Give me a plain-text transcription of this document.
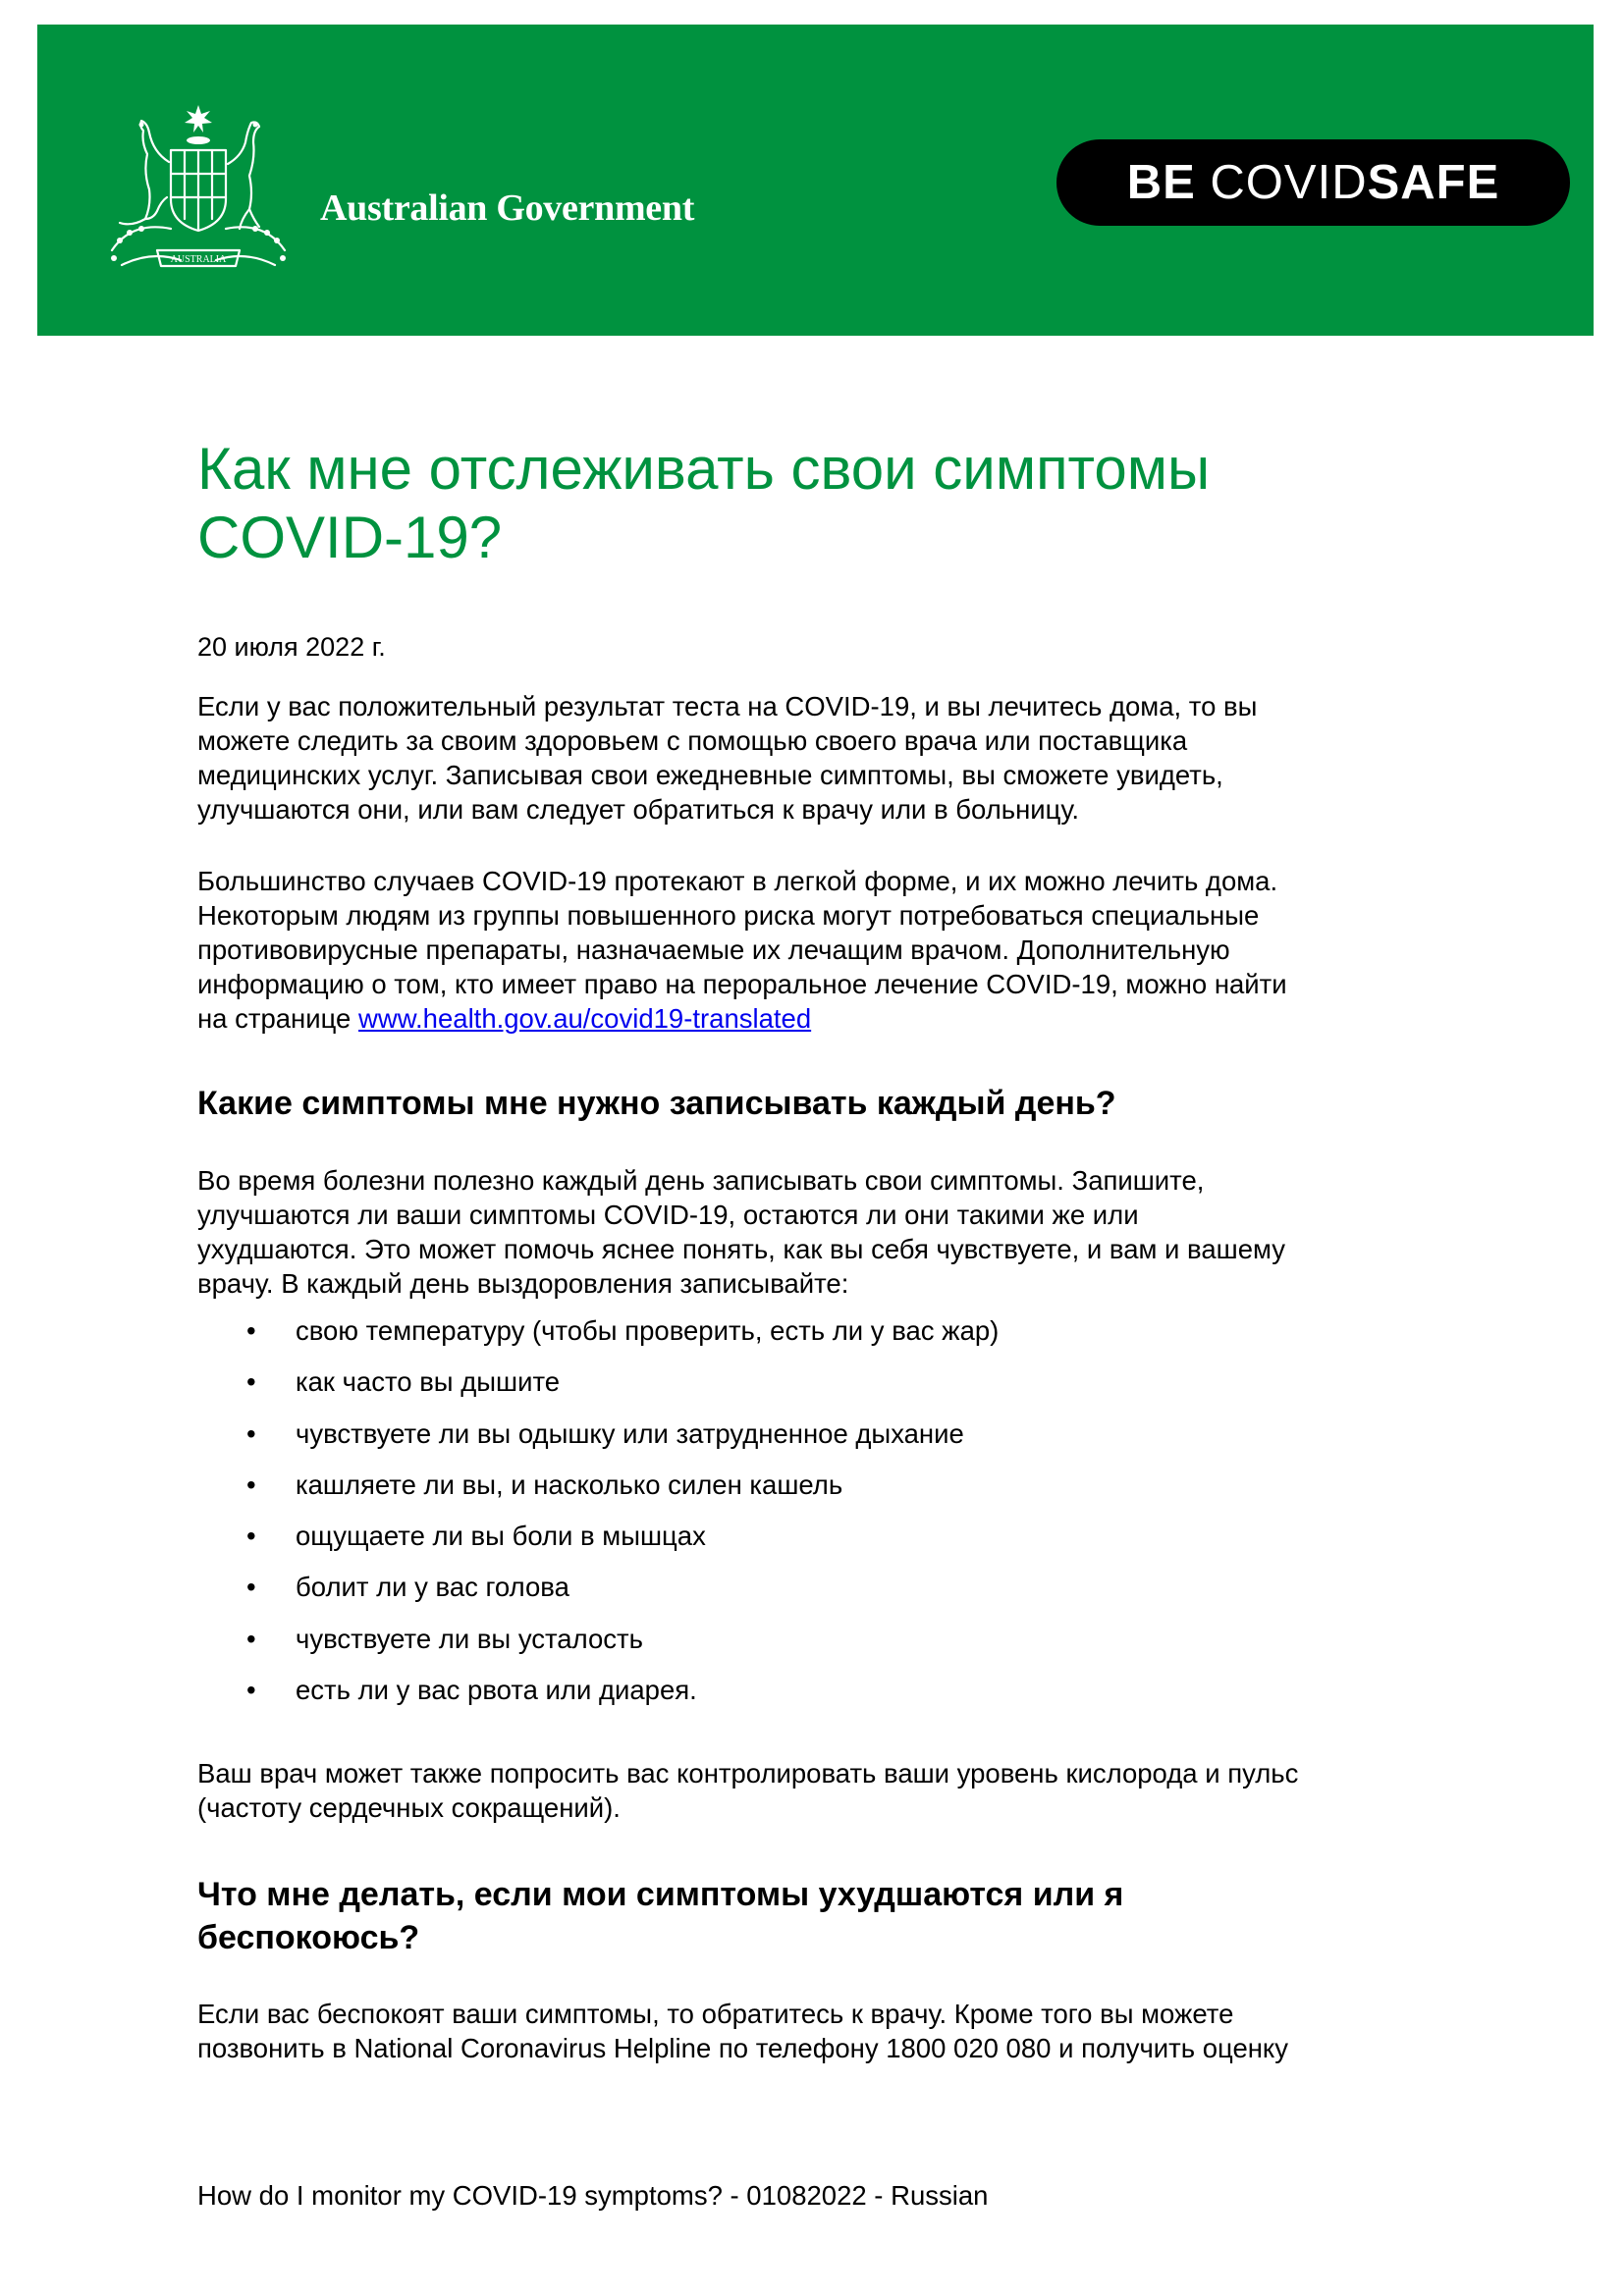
AUSTRALIA
Australian Government	BE COVIDSAFE
Как мне отслеживать свои симптомы
COVID-19?
20 июля 2022 г.

Если у вас положительный результат теста на COVID-19, и вы лечитесь дома, то вы
можете следить за своим здоровьем с помощью своего врача или поставщика
медицинских услуг. Записывая свои ежедневные симптомы, вы сможете увидеть,
улучшаются они, или вам следует обратиться к врачу или в больницу.

Большинство случаев COVID-19 протекают в легкой форме, и их можно лечить дома.
Некоторым людям из группы повышенного риска могут потребоваться специальные
противовирусные препараты, назначаемые их лечащим врачом. Дополнительную
информацию о том, кто имеет право на пероральное лечение COVID-19, можно найти
на странице www.health.gov.au/covid19-translated

Какие симптомы мне нужно записывать каждый день?

Во время болезни полезно каждый день записывать свои симптомы. Запишите,
улучшаются ли ваши симптомы COVID-19, остаются ли они такими же или
ухудшаются. Это может помочь яснее понять, как вы себя чувствуете, и вам и вашему
врачу. В каждый день выздоровления записывайте:

• свою температуру (чтобы проверить, есть ли у вас жар)
• как часто вы дышите
• чувствуете ли вы одышку или затрудненное дыхание
• кашляете ли вы, и насколько силен кашель
• ощущаете ли вы боли в мышцах
• болит ли у вас голова
• чувствуете ли вы усталость
• есть ли у вас рвота или диарея.

Ваш врач может также попросить вас контролировать ваши уровень кислорода и пульс
(частоту сердечных сокращений).

Что мне делать, если мои симптомы ухудшаются или я
беспокоюсь?

Если вас беспокоят ваши симптомы, то обратитесь к врачу. Кроме того вы можете
позвонить в National Coronavirus Helpline по телефону 1800 020 080 и получить оценку

How do I monitor my COVID-19 symptoms? - 01082022 - Russian
